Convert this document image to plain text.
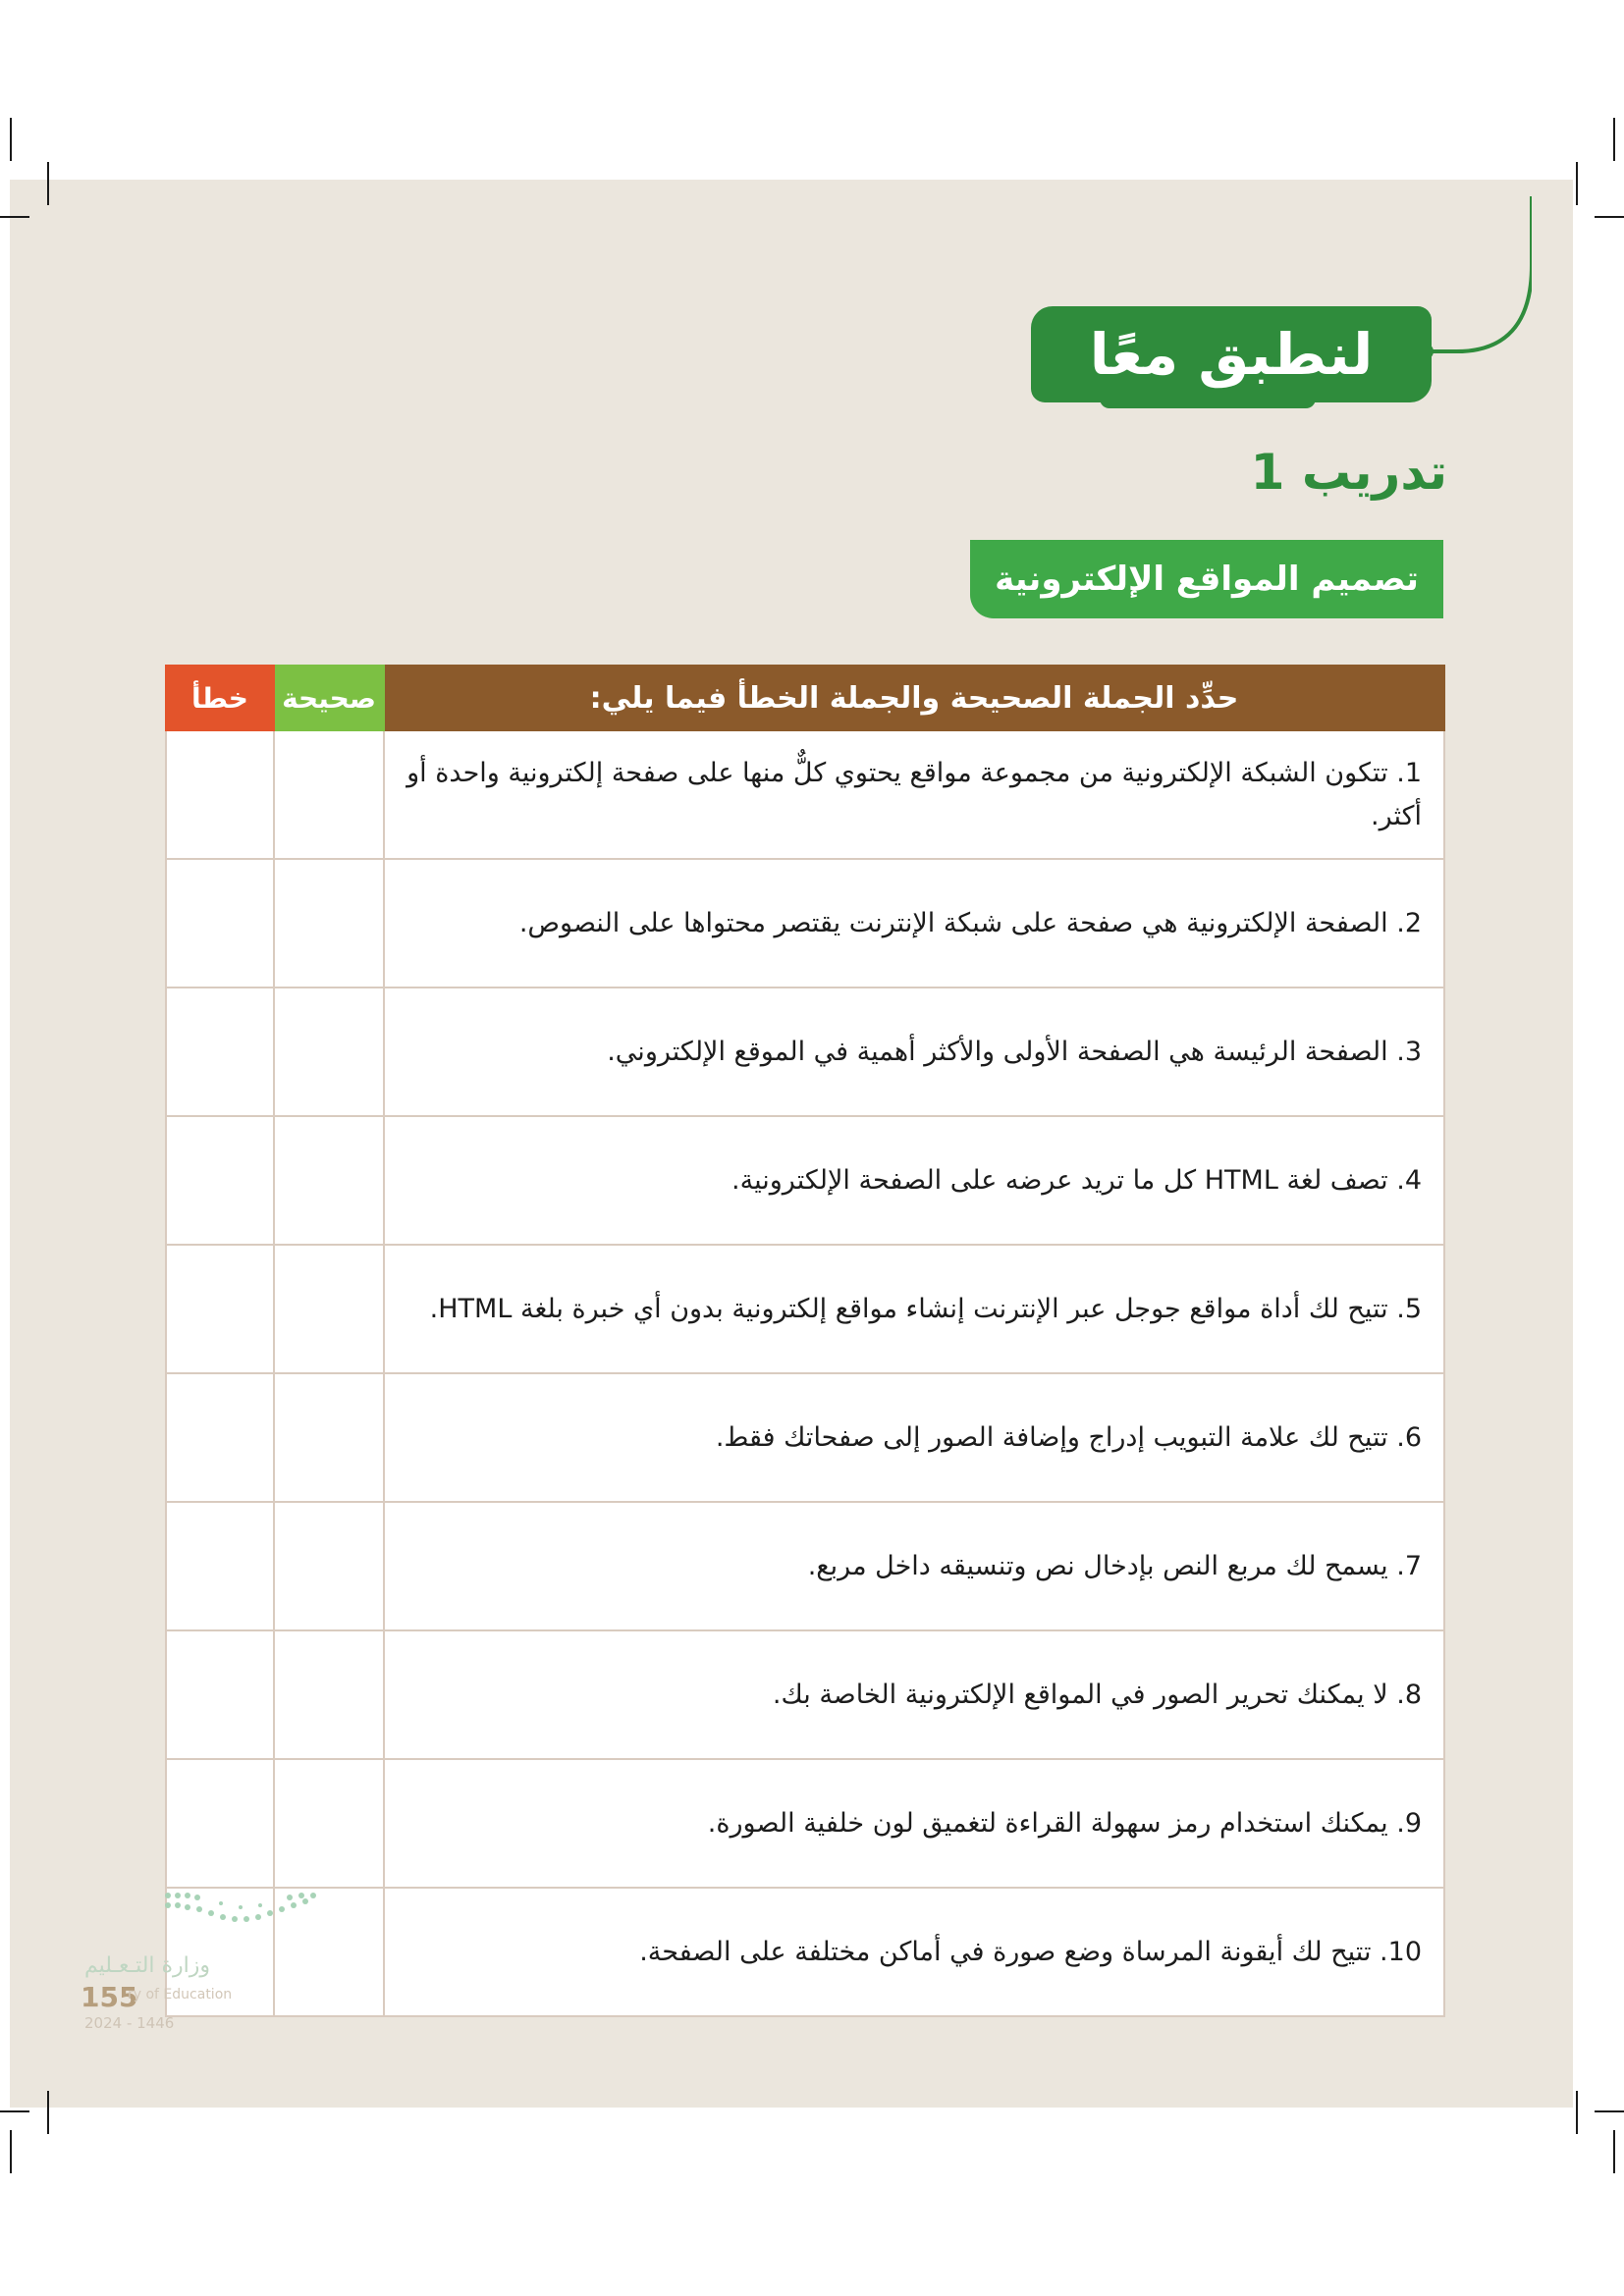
لنطبق معًا
تدريب 1
تصميم المواقع الإلكترونية
خطأ	صحيحة	حدِّد الجملة الصحيحة والجملة الخطأ فيما يلي:
		1. تتكون الشبكة الإلكترونية من مجموعة مواقع يحتوي كلٌّ منها على صفحة إلكترونية واحدة أو أكثر.
		2. الصفحة الإلكترونية هي صفحة على شبكة الإنترنت يقتصر محتواها على النصوص.
		3. الصفحة الرئيسة هي الصفحة الأولى والأكثر أهمية في الموقع الإلكتروني.
		4. تصف لغة HTML كل ما تريد عرضه على الصفحة الإلكترونية.
		5. تتيح لك أداة مواقع جوجل عبر الإنترنت إنشاء مواقع إلكترونية بدون أي خبرة بلغة HTML.
		6. تتيح لك علامة التبويب إدراج وإضافة الصور إلى صفحاتك فقط.
		7. يسمح لك مربع النص بإدخال نص وتنسيقه داخل مربع.
		8. لا يمكنك تحرير الصور في المواقع الإلكترونية الخاصة بك.
		9. يمكنك استخدام رمز سهولة القراءة لتغميق لون خلفية الصورة.
		10. تتيح لك أيقونة المرساة وضع صورة في أماكن مختلفة على الصفحة.
وزارة التـعـليم
155
ry of Education
2024 - 1446
